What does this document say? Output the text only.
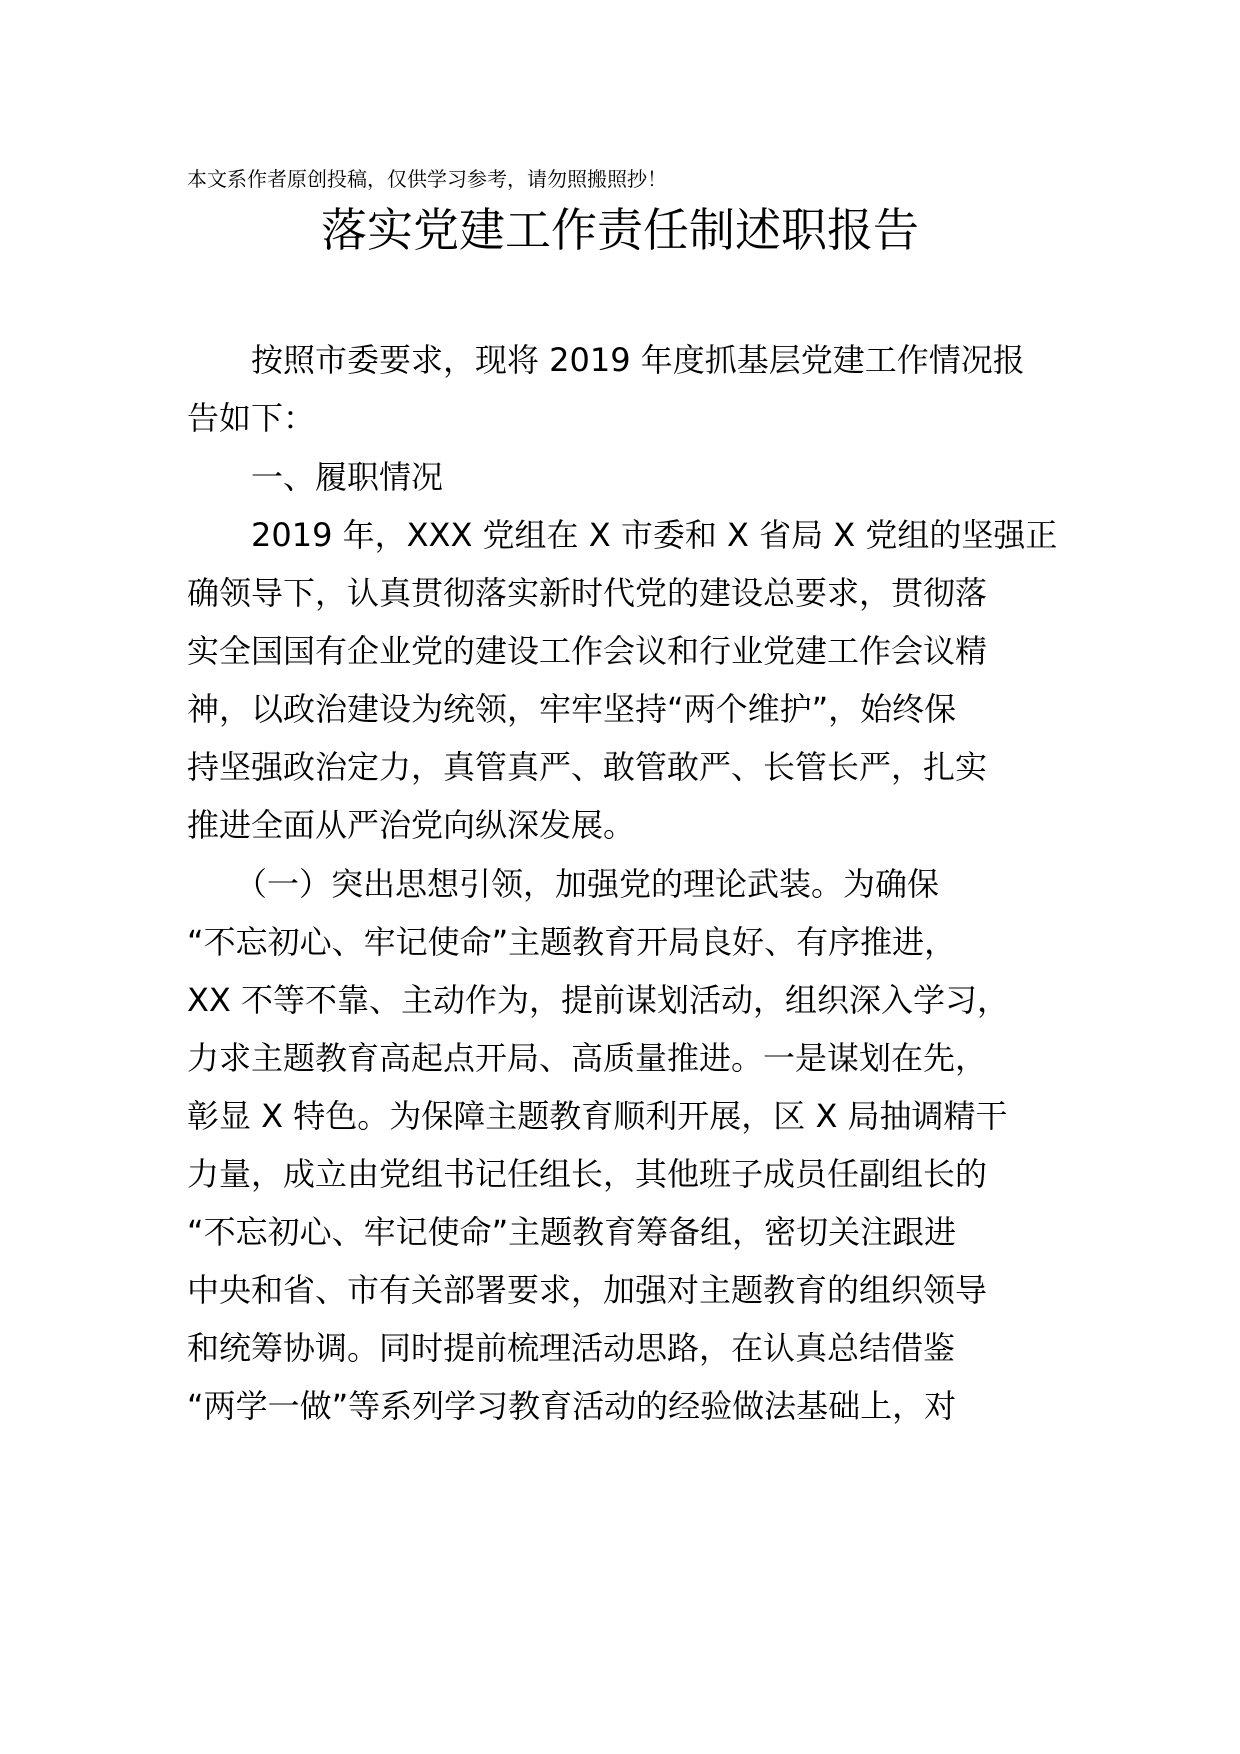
本文系作者原创投稿，仅供学习参考，请勿照搬照抄！
落实党建工作责任制述职报告
　　按照市委要求，现将 2019 年度抓基层党建工作情况报
告如下：
　　一、履职情况
　　2019 年，XXX 党组在 X 市委和 X 省局 X 党组的坚强正
确领导下，认真贯彻落实新时代党的建设总要求，贯彻落
实全国国有企业党的建设工作会议和行业党建工作会议精
神，以政治建设为统领，牢牢坚持“两个维护”，始终保
持坚强政治定力，真管真严、敢管敢严、长管长严，扎实
推进全面从严治党向纵深发展。
　　（一）突出思想引领，加强党的理论武装。为确保
“不忘初心、牢记使命”主题教育开局良好、有序推进，
XX 不等不靠、主动作为，提前谋划活动，组织深入学习，
力求主题教育高起点开局、高质量推进。一是谋划在先，
彰显 X 特色。为保障主题教育顺利开展，区 X 局抽调精干
力量，成立由党组书记任组长，其他班子成员任副组长的
“不忘初心、牢记使命”主题教育筹备组，密切关注跟进
中央和省、市有关部署要求，加强对主题教育的组织领导
和统筹协调。同时提前梳理活动思路，在认真总结借鉴
“两学一做”等系列学习教育活动的经验做法基础上，对
